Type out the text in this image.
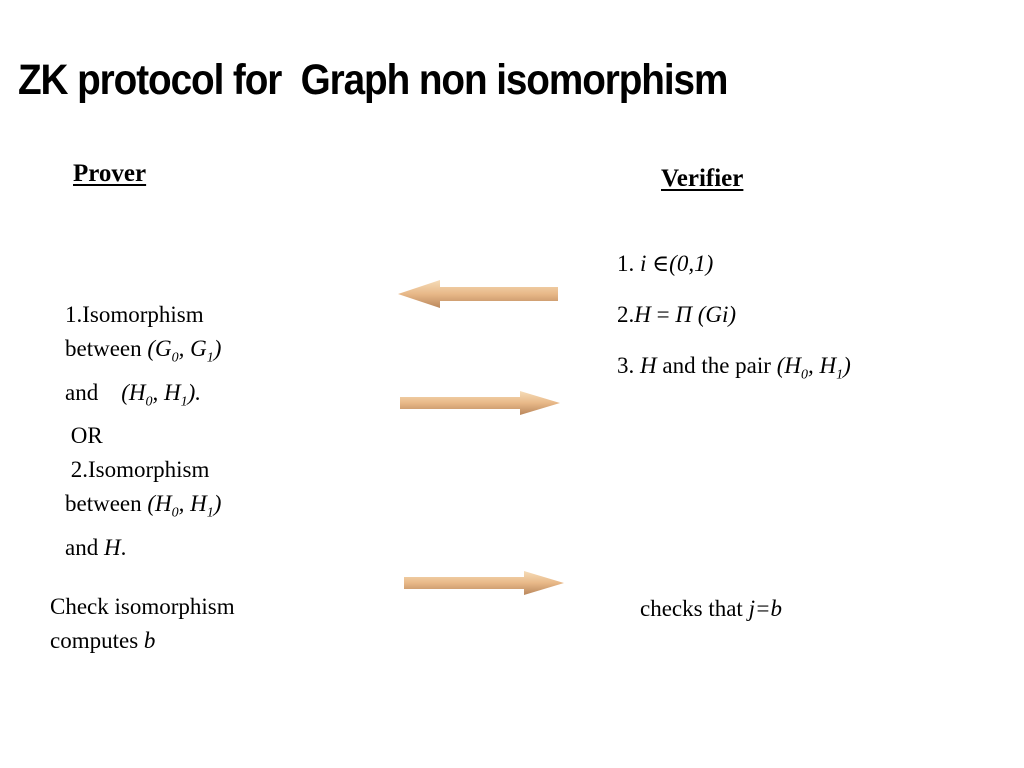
ZK protocol for  Graph non isomorphism
Prover	Verifier
1. i ∈(0,1)
2.H = Π (Gi)
3. H and the pair ($H_0$, $H_1$)
1.Isomorphism
between ($G_0$, $G_1$)
and    ($H_0$, $H_1$).
OR
2.Isomorphism
between ($H_0$, $H_1$)
and H.
Check isomorphism
computes b
checks that j=b
